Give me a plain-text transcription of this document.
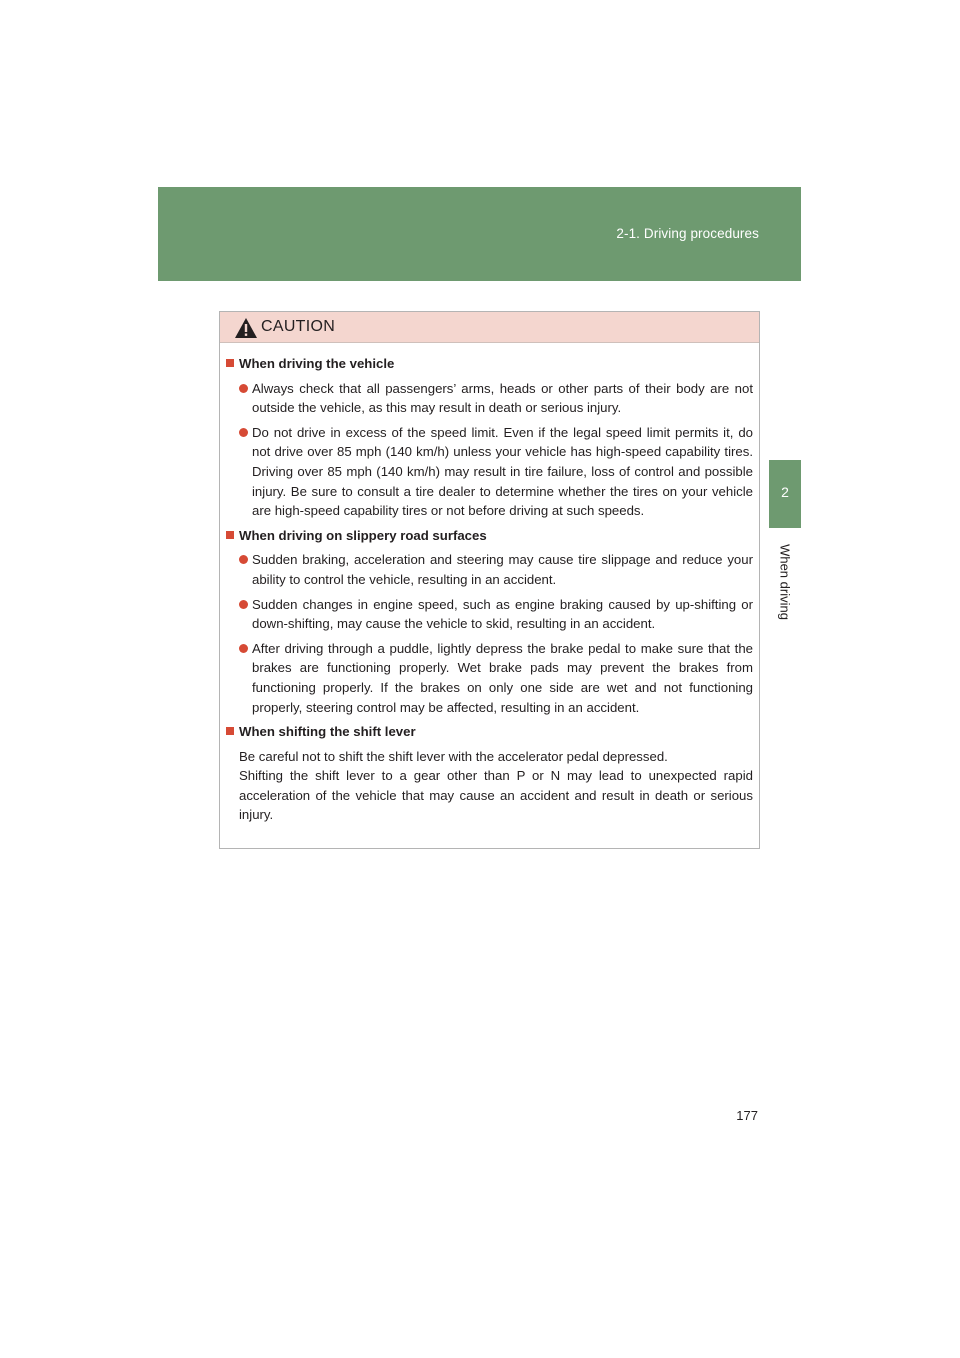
2-1. Driving procedures
2
When driving
CAUTION
When driving the vehicle
Always check that all passengers’ arms, heads or other parts of their body are not outside the vehicle, as this may result in death or serious injury.
Do not drive in excess of the speed limit. Even if the legal speed limit permits it, do not drive over 85 mph (140 km/h) unless your vehicle has high-speed capability tires. Driving over 85 mph (140 km/h) may result in tire failure, loss of control and possible injury. Be sure to consult a tire dealer to determine whether the tires on your vehicle are high-speed capability tires or not before driving at such speeds.
When driving on slippery road surfaces
Sudden braking, acceleration and steering may cause tire slippage and reduce your ability to control the vehicle, resulting in an accident.
Sudden changes in engine speed, such as engine braking caused by up-shifting or down-shifting, may cause the vehicle to skid, resulting in an accident.
After driving through a puddle, lightly depress the brake pedal to make sure that the brakes are functioning properly. Wet brake pads may prevent the brakes from functioning properly. If the brakes on only one side are wet and not functioning properly, steering control may be affected, resulting in an accident.
When shifting the shift lever
Be careful not to shift the shift lever with the accelerator pedal depressed.
Shifting the shift lever to a gear other than P or N may lead to unexpected rapid acceleration of the vehicle that may cause an accident and result in death or serious injury.
177
